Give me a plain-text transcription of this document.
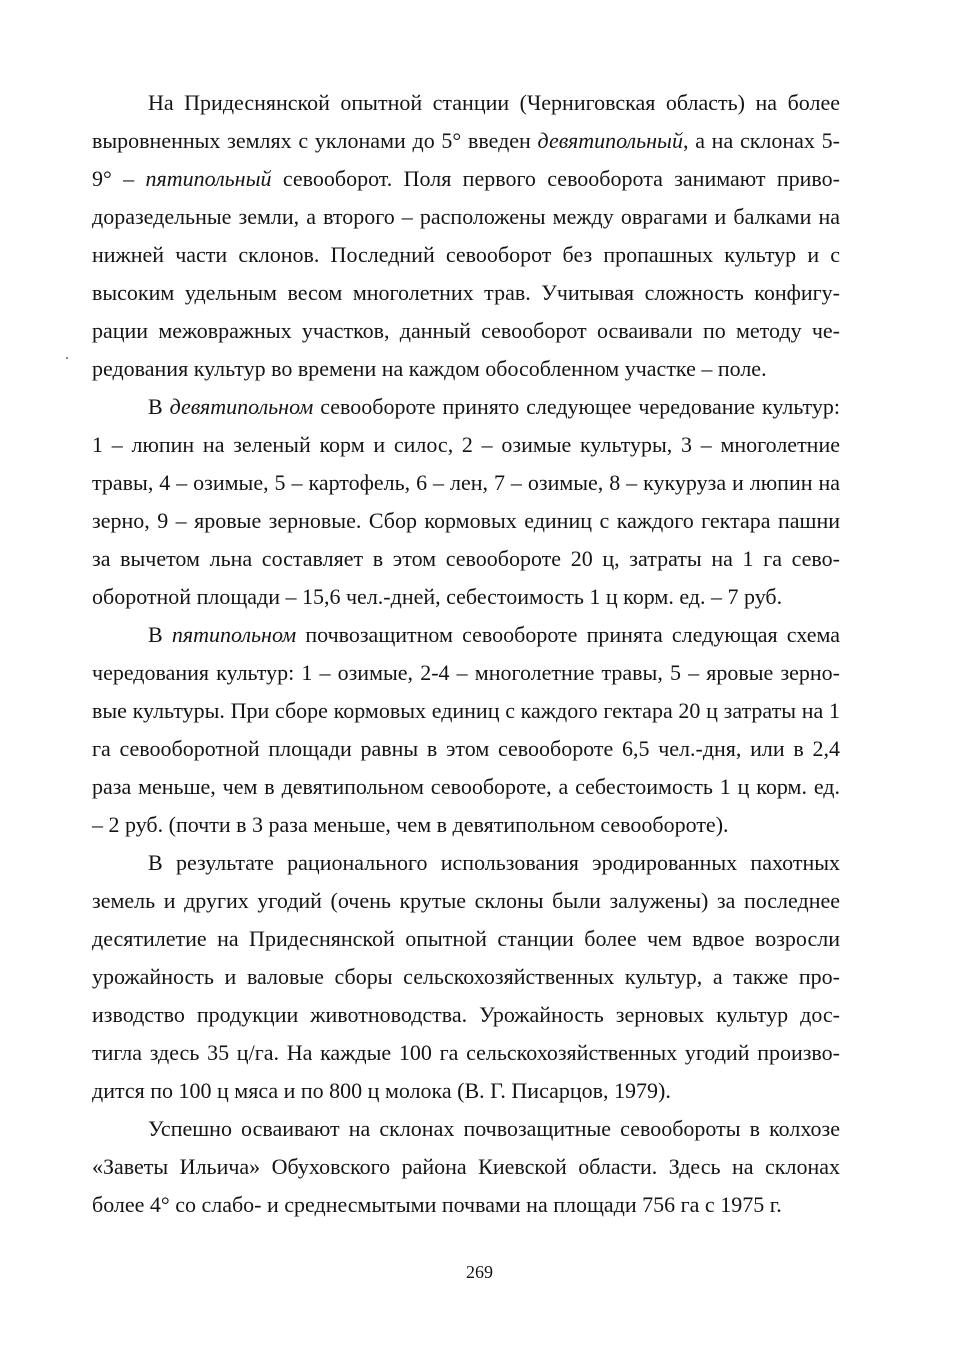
На Придеснянской опытной станции (Черниговская область) на более выровненных землях с уклонами до 5° введен девятипольный, а на склонах 5-9° – пятипольный севооборот. Поля первого севооборота занимают приво-доразедельные земли, а второго – расположены между оврагами и балками на нижней части склонов. Последний севооборот без пропашных культур и с высоким удельным весом многолетних трав. Учитывая сложность конфигу-рации межовражных участков, данный севооборот осваивали по методу че-редования культур во времени на каждом обособленном участке – поле.

В девятипольном севообороте принято следующее чередование культур: 1 – люпин на зеленый корм и силос, 2 – озимые культуры, 3 – многолетние травы, 4 – озимые, 5 – картофель, 6 – лен, 7 – озимые, 8 – кукуруза и люпин на зерно, 9 – яровые зерновые. Сбор кормовых единиц с каждого гектара пашни за вычетом льна составляет в этом севообороте 20 ц, затраты на 1 га сево-оборотной площади – 15,6 чел.-дней, себестоимость 1 ц корм. ед. – 7 руб.

В пятипольном почвозащитном севообороте принята следующая схема чередования культур: 1 – озимые, 2-4 – многолетние травы, 5 – яровые зерно-вые культуры. При сборе кормовых единиц с каждого гектара 20 ц затраты на 1 га севооборотной площади равны в этом севообороте 6,5 чел.-дня, или в 2,4 раза меньше, чем в девятипольном севообороте, а себестоимость 1 ц корм. ед. – 2 руб. (почти в 3 раза меньше, чем в девятипольном севообороте).

В результате рационального использования эродированных пахотных земель и других угодий (очень крутые склоны были залужены) за последнее десятилетие на Придеснянской опытной станции более чем вдвое возросли урожайность и валовые сборы сельскохозяйственных культур, а также про-изводство продукции животноводства. Урожайность зерновых культур дос-тигла здесь 35 ц/га. На каждые 100 га сельскохозяйственных угодий произво-дится по 100 ц мяса и по 800 ц молока (В. Г. Писарцов, 1979).

Успешно осваивают на склонах почвозащитные севообороты в колхозе «Заветы Ильича» Обуховского района Киевской области. Здесь на склонах более 4° со слабо- и среднесмытыми почвами на площади 756 га с 1975 г.

269
